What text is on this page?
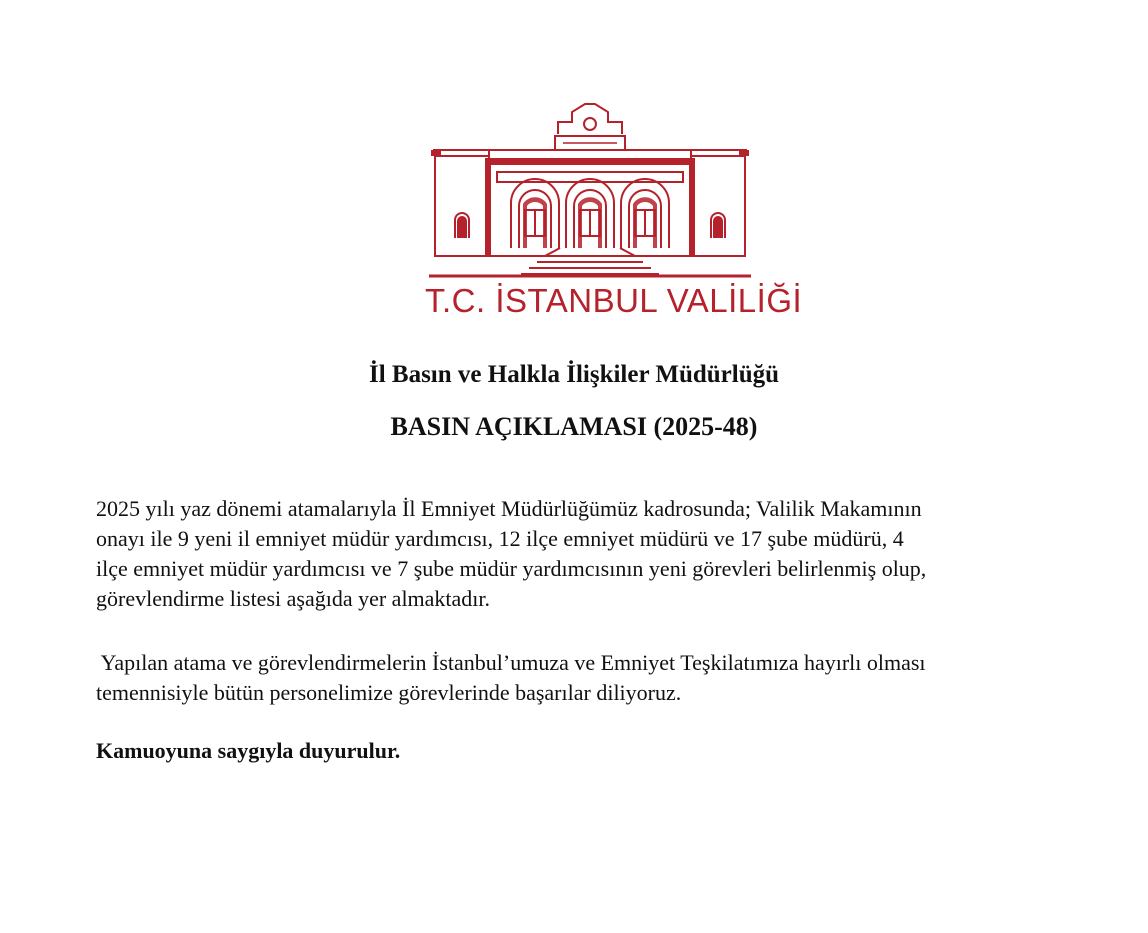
T.C. İSTANBUL VALİLİĞİ
İl Basın ve Halkla İlişkiler Müdürlüğü
BASIN AÇIKLAMASI (2025-48)
2025 yılı yaz dönemi atamalarıyla İl Emniyet Müdürlüğümüz kadrosunda; Valilik Makamının
onayı ile 9 yeni il emniyet müdür yardımcısı, 12 ilçe emniyet müdürü ve 17 şube müdürü, 4
ilçe emniyet müdür yardımcısı ve 7 şube müdür yardımcısının yeni görevleri belirlenmiş olup,
görevlendirme listesi aşağıda yer almaktadır.
Yapılan atama ve görevlendirmelerin İstanbul’umuza ve Emniyet Teşkilatımıza hayırlı olması
temennisiyle bütün personelimize görevlerinde başarılar diliyoruz.
Kamuoyuna saygıyla duyurulur.
